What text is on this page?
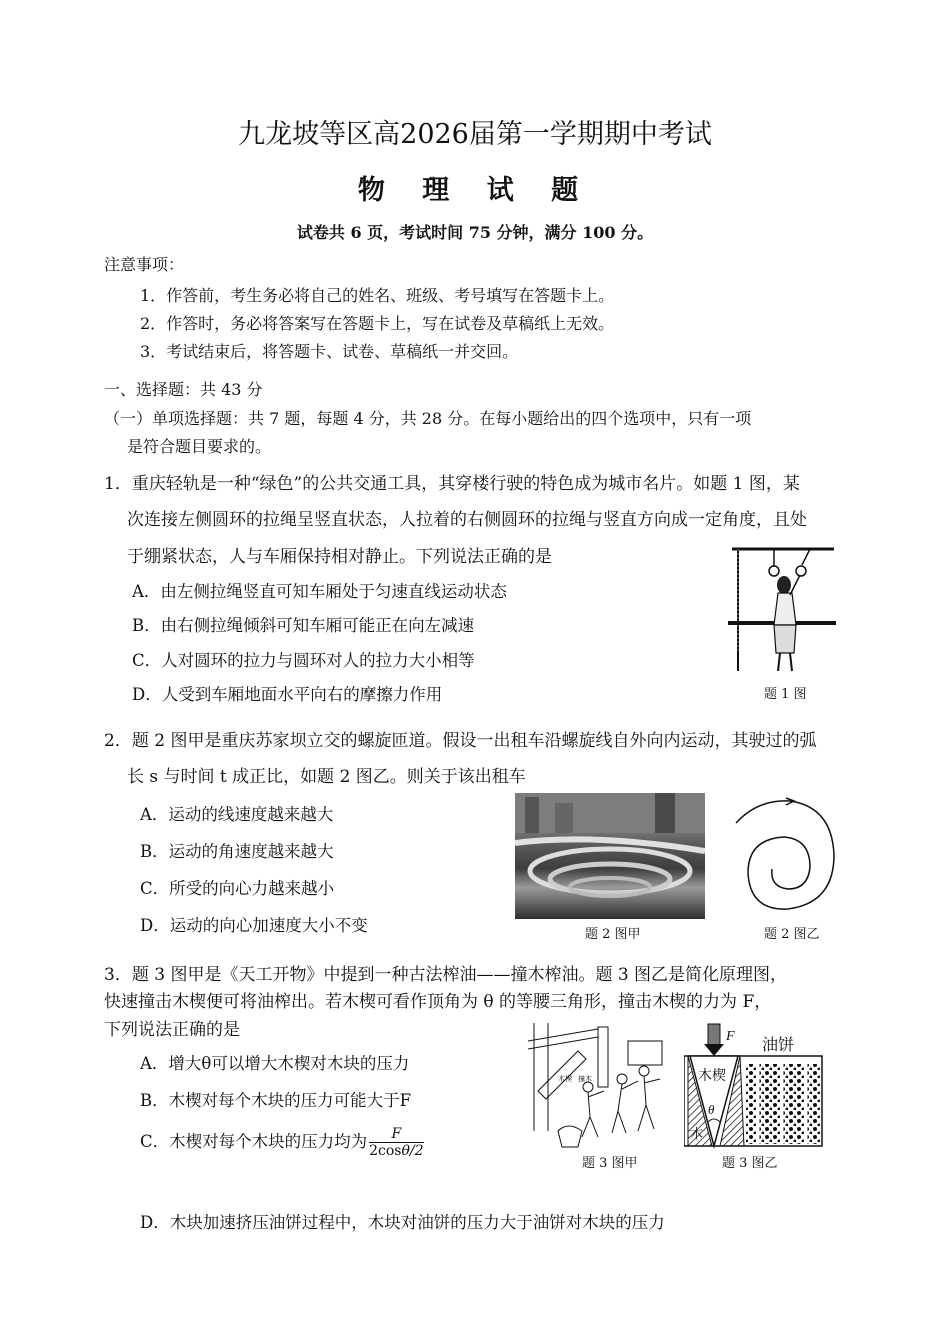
九龙坡等区高2026届第一学期期中考试
物 理 试 题
试卷共 6 页，考试时间 75 分钟，满分 100 分。
注意事项：
1．作答前，考生务必将自己的姓名、班级、考号填写在答题卡上。
2．作答时，务必将答案写在答题卡上，写在试卷及草稿纸上无效。
3．考试结束后，将答题卡、试卷、草稿纸一并交回。
一、选择题：共 43 分
（一）单项选择题：共 7 题，每题 4 分，共 28 分。在每小题给出的四个选项中，只有一项
是符合题目要求的。
1．重庆轻轨是一种“绿色”的公共交通工具，其穿楼行驶的特色成为城市名片。如题 1 图，某
次连接左侧圆环的拉绳呈竖直状态，人拉着的右侧圆环的拉绳与竖直方向成一定角度，且处
于绷紧状态，人与车厢保持相对静止。下列说法正确的是
A．由左侧拉绳竖直可知车厢处于匀速直线运动状态
B．由右侧拉绳倾斜可知车厢可能正在向左减速
C．人对圆环的拉力与圆环对人的拉力大小相等
D．人受到车厢地面水平向右的摩擦力作用	题 1 图
2．题 2 图甲是重庆苏家坝立交的螺旋匝道。假设一出租车沿螺旋线自外向内运动，其驶过的弧
长 s 与时间 t 成正比，如题 2 图乙。则关于该出租车
A．运动的线速度越来越大
B．运动的角速度越来越大
C．所受的向心力越来越小
D．运动的向心加速度大小不变	题 2 图甲	题 2 图乙
3．题 3 图甲是《天工开物》中提到一种古法榨油——撞木榨油。题 3 图乙是简化原理图，
快速撞击木楔便可将油榨出。若木楔可看作顶角为 θ 的等腰三角形，撞击木楔的力为 F，
下列说法正确的是
A．增大θ可以增大木楔对木块的压力
B．木楔对每个木块的压力可能大于F
C．木楔对每个木块的压力均为 $\frac{F}{2\cos\theta/2}$
D．木块加速挤压油饼过程中，木块对油饼的压力大于油饼对木块的压力
木楔 撞木
题 3 图甲
F 油饼
木楔
θ
木
题 3 图乙
